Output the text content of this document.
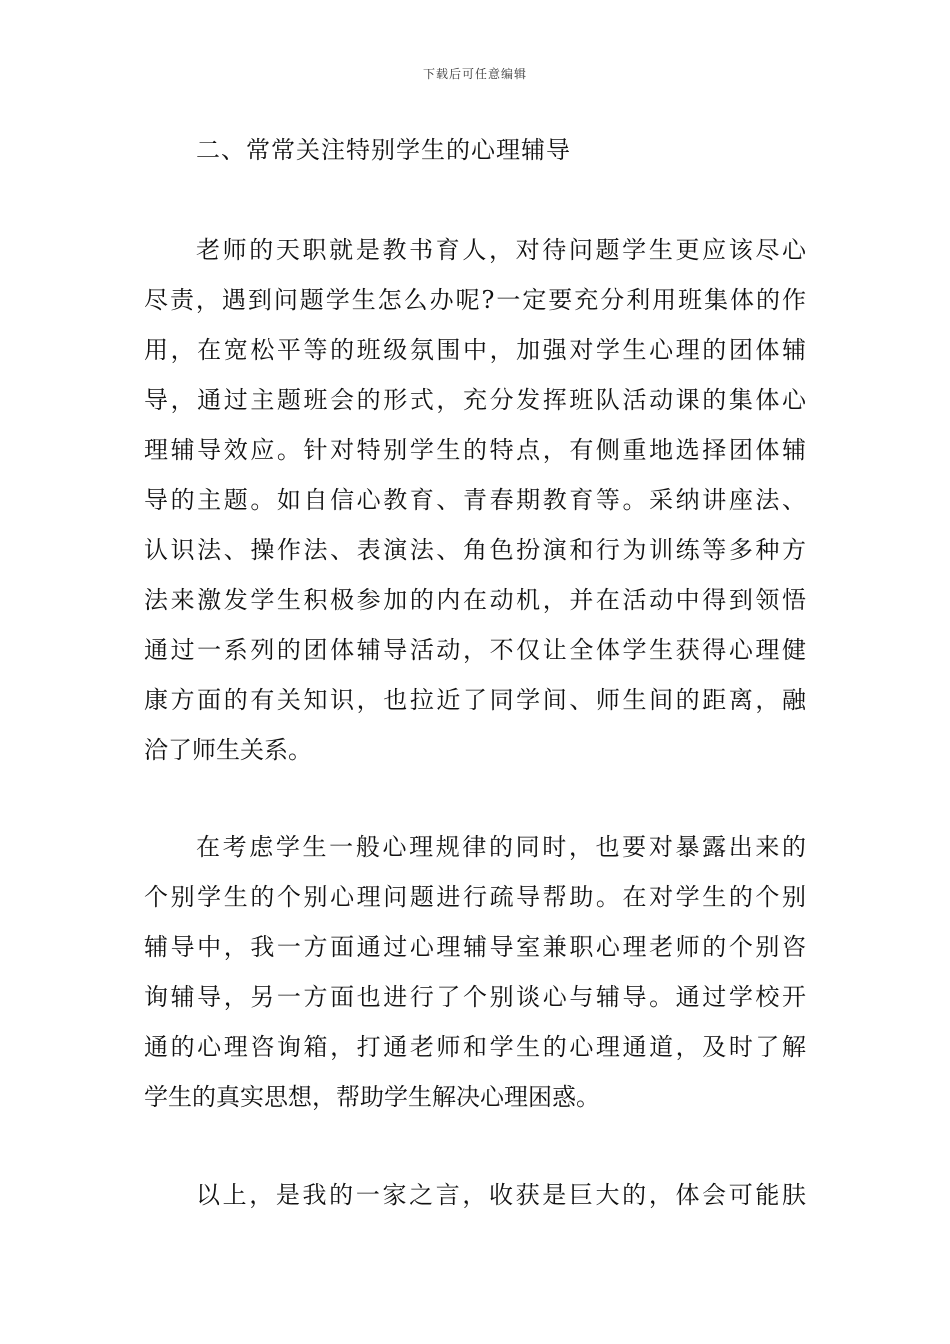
下载后可任意编辑
二、常常关注特别学生的心理辅导
老师的天职就是教书育人，对待问题学生更应该尽心
尽责，遇到问题学生怎么办呢?一定要充分利用班集体的作
用，在宽松平等的班级氛围中，加强对学生心理的团体辅
导，通过主题班会的形式，充分发挥班队活动课的集体心
理辅导效应。针对特别学生的特点，有侧重地选择团体辅
导的主题。如自信心教育、青春期教育等。采纳讲座法、
认识法、操作法、表演法、角色扮演和行为训练等多种方
法来激发学生积极参加的内在动机，并在活动中得到领悟
通过一系列的团体辅导活动，不仅让全体学生获得心理健
康方面的有关知识，也拉近了同学间、师生间的距离，融
洽了师生关系。
在考虑学生一般心理规律的同时，也要对暴露出来的
个别学生的个别心理问题进行疏导帮助。在对学生的个别
辅导中，我一方面通过心理辅导室兼职心理老师的个别咨
询辅导，另一方面也进行了个别谈心与辅导。通过学校开
通的心理咨询箱，打通老师和学生的心理通道，及时了解
学生的真实思想，帮助学生解决心理困惑。
以上，是我的一家之言，收获是巨大的，体会可能肤
